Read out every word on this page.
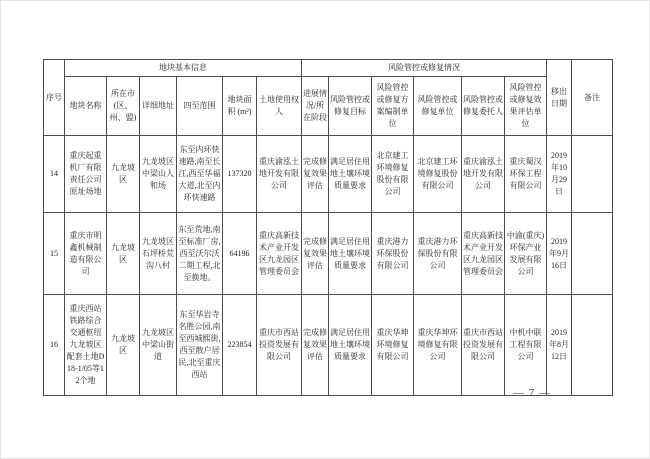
序号	地块基本信息						风险管控或修复情况						移出日期	备注
	地块名称	所在市 (区、州、盟)	详细地址	四至范围	地块面积 (m²)	土地使用权人	进展情况/所在阶段	风险管控或修复目标	风险管控或修复方案编制单位	风险管控或修复单位	风险管控或修复委托人	风险管控或修复效果评估单位		
14	重庆起重机厂有限责任公司原址场地	九龙坡区	九龙坡区中梁山人和场	东至内环快速路,南至长江,西至华福大道,北至内环快速路	137320	重庆渝泓土地开发有限公司	完成修复效果评估	满足居住用地土壤环境质量要求	北京建工环境修复股份有限公司	北京建工环境修复股份有限公司	重庆渝泓土地开发有限公司	重庆蜀汉环保工程有限公司	2019年10月29日	
15	重庆市明鑫机械制造有限公司	九龙坡区	九龙坡区石坪桥荒沟八村	东至荒地,南至标准厂房,西至沃尔沃二期工程,北至换地。	64196	重庆高新技术产业开发区九龙园区管理委员会	完成修复效果评估	满足居住用地土壤环境质量要求	重庆港力环保股份有限公司	重庆港力环保股份有限公司	重庆高新技术产业开发区九龙园区管理委员会	中渝(重庆)环保产业发展有限公司	2019年9月16日	
16	重庆西站铁路综合交通枢纽九龙坡区配套土地D18-1/05等12个地	九龙坡区	九龙坡区中梁山街道	东至华岩寺名胜公园,南至西城熙街,西至散户居民,北至重庆西站	223854	重庆市西站投资发展有限公司	完成修复效果评估	满足居住用地土壤环境质量要求	重庆华坤环境修复有限公司	重庆华坤环境修复有限公司	重庆市西站投资发展有限公司	中机中联工程有限公司	2019年8月12日	
— 7 —
